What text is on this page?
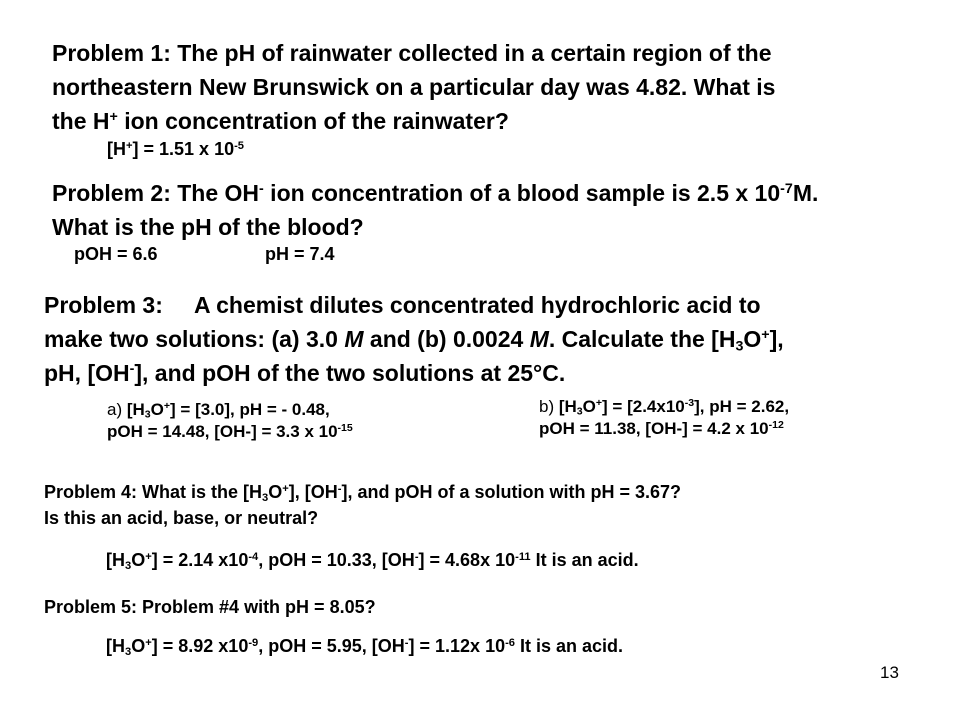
Problem 1: The pH of rainwater collected in a certain region of the
northeastern New Brunswick on a particular day was 4.82. What is
the H+ ion concentration of the rainwater?
[H+] = 1.51 x $10^{-5}$
Problem 2: The OH- ion concentration of a blood sample is 2.5 x $10^{-7}M$.
What is the pH of the blood?
pOH = 6.6	pH = 7.4
Problem 3:     A chemist dilutes concentrated hydrochloric acid to
make two solutions: (a) 3.0 M and (b) 0.0024 M. Calculate the $[H_3O^+]$,
pH, [OH-], and pOH of the two solutions at 25°C.
a) $[H_3O^+] = [3.0]$, pH = - 0.48,
pOH = 14.48, [OH-] = 3.3 x $10^{-15}$
b) $[H_3O^+] = [2.4x10^{-3}]$, pH = 2.62,
pOH = 11.38, [OH-] = 4.2 x $10^{-12}$
Problem 4: What is the $[H_3O^+]$, [OH-], and pOH of a solution with pH = 3.67?
Is this an acid, base, or neutral?
$[H_3O^+] = 2.14$ $x10^{-4}$, pOH = 10.33, [OH-] = 4.68x $10^{-11}$ It is an acid.
Problem 5: Problem #4 with pH = 8.05?
$[H_3O^+] = 8.92$ $x10^{-9}$, pOH = 5.95, [OH-] = 1.12x $10^{-6}$ It is an acid.
13
